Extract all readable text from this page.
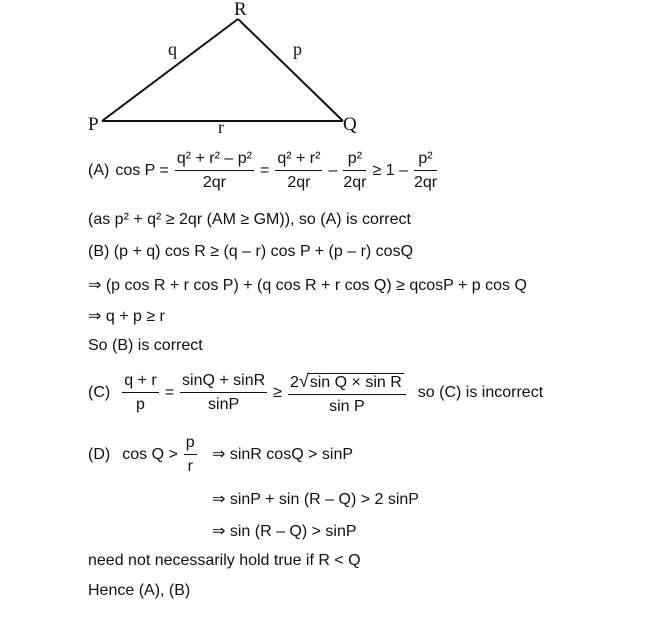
R
P	Q
q	p
r
(A) $\cos P = \frac{\text{q² + r² – p²}}{2qr} = \frac{\text{q² + r²}}{2qr} - \frac{\text{p²}}{2qr} \ge 1 - \frac{\text{p²}}{2qr}$
(as p² + q² ≥ 2qr (AM ≥ GM)), so (A) is correct
(B) (p + q) cos R ≥ (q – r) cos P + (p – r) cosQ
⇒ (p cos R + r cos P) + (q cos R + r cos Q) ≥ qcosP + p cos Q
⇒ q + p ≥ r
So (B) is correct
$(C) \frac{q + r}{p} = \frac{\sin Q + \sin R}{\sin P} \ge \frac{\text{2√sin Q × sin R}}{\text{sin P}}$ so (C) is incorrect
(D) $\cos Q > \frac{p}{r}$ ⇒ sinR cosQ > sinP
⇒ sinP + sin (R – Q) > 2 sinP
⇒ sin (R – Q) > sinP
need not necessarily hold true if R < Q
Hence (A), (B)
